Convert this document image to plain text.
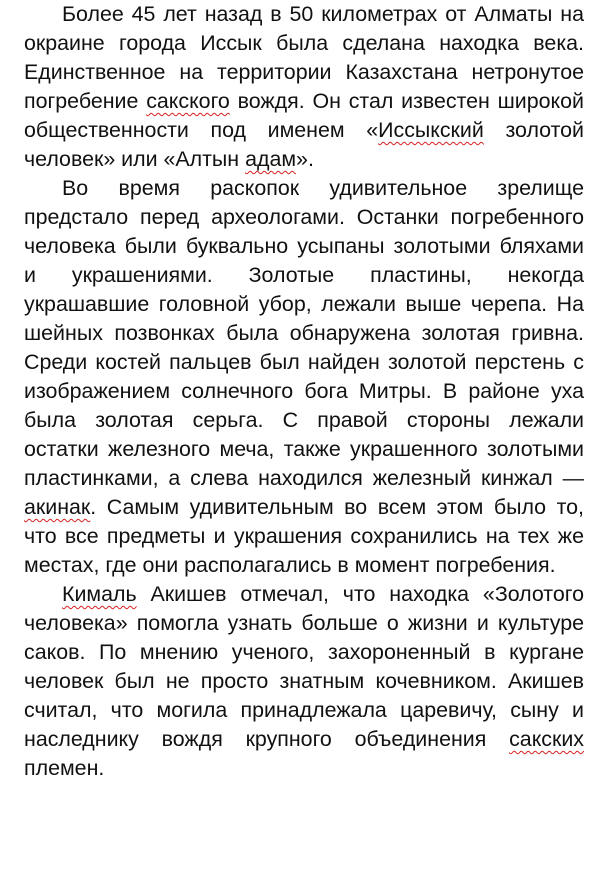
Более 45 лет назад в 50 километрах от Алматы на окраине города Иссык была сделана находка века. Единственное на территории Казахстана нетронутое погребение сакского вождя. Он стал известен широкой общественности под именем «Иссыкский золотой человек» или «Алтын адам».

Во время раскопок удивительное зрелище предстало перед археологами. Останки погребенного человека были буквально усыпаны золотыми бляхами и украшениями. Золотые пластины, некогда украшавшие головной убор, лежали выше черепа. На шейных позвонках была обнаружена золотая гривна. Среди костей пальцев был найден золотой перстень с изображением солнечного бога Митры. В районе уха была золотая серьга. С правой стороны лежали остатки железного меча, также украшенного золотыми пластинками, а слева находился железный кинжал — акинак. Самым удивительным во всем этом было то, что все предметы и украшения сохранились на тех же местах, где они располагались в момент погребения.

Кималь Акишев отмечал, что находка «Золотого человека» помогла узнать больше о жизни и культуре саков. По мнению ученого, захороненный в кургане человек был не просто знатным кочевником. Акишев считал, что могила принадлежала царевичу, сыну и наследнику вождя крупного объединения сакских племен.
